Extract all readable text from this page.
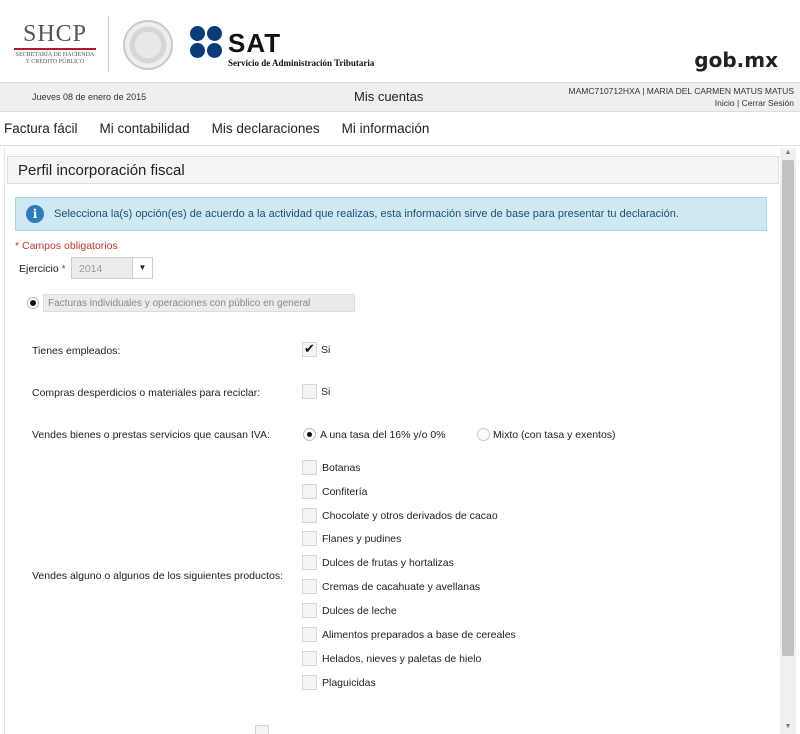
SHCP
SECRETARÍA DE HACIENDA
Y CRÉDITO PÚBLICO
SAT
Servicio de Administración Tributaria	gob.mx
Jueves 08 de enero de 2015	Mis cuentas	MAMC710712HXA | MARIA DEL CARMEN MATUS MATUS
Inicio | Cerrar Sesión
Factura fácil Mi contabilidad Mis declaraciones Mi información
Perfil incorporación fiscal
i	Selecciona la(s) opción(es) de acuerdo a la actividad que realizas, esta información sirve de base para presentar tu declaración.
* Campos obligatorios
Ejercicio * 2014	▼
Facturas individuales y operaciones con público en general
Tienes empleados:
✔	Si
Compras desperdicios o materiales para reciclar:	Si
Vendes bienes o prestas servicios que causan IVA:	A una tasa del 16% y/o 0%	Mixto (con tasa y exentos)
Vendes alguno o algunos de los siguientes productos:
Botanas
Confitería
Chocolate y otros derivados de cacao
Flanes y pudines
Dulces de frutas y hortalizas
Cremas de cacahuate y avellanas
Dulces de leche
Alimentos preparados a base de cereales
Helados, nieves y paletas de hielo
Plaguicidas
▲
▼
